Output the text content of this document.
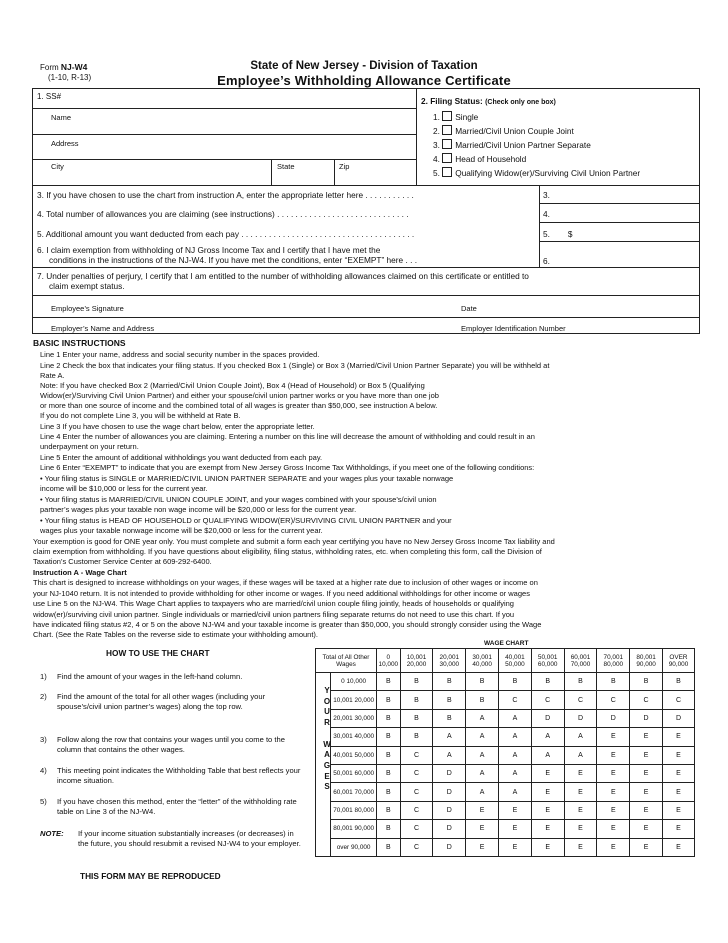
Form NJ-W4
(1-10, R-13)
State of New Jersey - Division of Taxation
Employee’s Withholding Allowance Certificate
1. SS#
Name
Address
City	State	Zip
2. Filing Status: (Check only one box)
1. Single
2. Married/Civil Union Couple Joint
3. Married/Civil Union Partner Separate
4. Head of Household
5. Qualifying Widow(er)/Surviving Civil Union Partner
3. If you have chosen to use the chart from instruction A, enter the appropriate letter here . . . . . . . . . . .	3.
4. Total number of allowances you are claiming (see instructions) . . . . . . . . . . . . . . . . . . . . . . . . . . . . .	4.
5. Additional amount you want deducted from each pay . . . . . . . . . . . . . . . . . . . . . . . . . . . . . . . . . . . . . .	5. $
6. I claim exemption from withholding of NJ Gross Income Tax and I certify that I have met the
conditions in the instructions of the NJ-W4. If you have met the conditions, enter “EXEMPT” here . . .	6.
7. Under penalties of perjury, I certify that I am entitled to the number of withholding allowances claimed on this certificate or entitled to
claim exempt status.
Employee’s Signature	Date
Employer’s Name and Address	Employer Identification Number
BASIC INSTRUCTIONS
Line 1 Enter your name, address and social security number in the spaces provided.
Line 2 Check the box that indicates your filing status. If you checked Box 1 (Single) or Box 3 (Married/Civil Union Partner Separate) you will be withheld at
Rate A.
Note: If you have checked Box 2 (Married/Civil Union Couple Joint), Box 4 (Head of Household) or Box 5 (Qualifying
Widow(er)/Surviving Civil Union Partner) and either your spouse/civil union partner works or you have more than one job
or more than one source of income and the combined total of all wages is greater than $50,000, see instruction A below.
If you do not complete Line 3, you will be withheld at Rate B.
Line 3 If you have chosen to use the wage chart below, enter the appropriate letter.
Line 4 Enter the number of allowances you are claiming. Entering a number on this line will decrease the amount of withholding and could result in an
underpayment on your return.
Line 5 Enter the amount of additional withholdings you want deducted from each pay.
Line 6 Enter “EXEMPT” to indicate that you are exempt from New Jersey Gross Income Tax Withholdings, if you meet one of the following conditions:
• Your filing status is SINGLE or MARRIED/CIVIL UNION PARTNER SEPARATE and your wages plus your taxable nonwage
income will be $10,000 or less for the current year.
• Your filing status is MARRIED/CIVIL UNION COUPLE JOINT, and your wages combined with your spouse’s/civil union
partner’s wages plus your taxable non wage income will be $20,000 or less for the current year.
• Your filing status is HEAD OF HOUSEHOLD or QUALIFYING WIDOW(ER)/SURVIVING CIVIL UNION PARTNER and your
wages plus your taxable nonwage income will be $20,000 or less for the current year.
Your exemption is good for ONE year only. You must complete and submit a form each year certifying you have no New Jersey Gross Income Tax liability and
claim exemption from withholding. If you have questions about eligibility, filing status, withholding rates, etc. when completing this form, call the Division of
Taxation’s Customer Service Center at 609-292-6400.
Instruction A - Wage Chart
This chart is designed to increase withholdings on your wages, if these wages will be taxed at a higher rate due to inclusion of other wages or income on
your NJ-1040 return. It is not intended to provide withholding for other income or wages. If you need additional withholdings for other income or wages
use Line 5 on the NJ-W4. This Wage Chart applies to taxpayers who are married/civil union couple filing jointly, heads of households or qualifying
widow(er)/surviving civil union partner. Single individuals or married/civil union partners filing separate returns do not need to use this chart. If you
have indicated filing status #2, 4 or 5 on the above NJ-W4 and your taxable income is greater than $50,000, you should strongly consider using the Wage
Chart. (See the Rate Tables on the reverse side to estimate your withholding amount).
HOW TO USE THE CHART
1) Find the amount of your wages in the left-hand column.
2) Find the amount of the total for all other wages (including your spouse’s/civil union partner’s wages) along the top row.
3) Follow along the row that contains your wages until you come to the column that contains the other wages.
4) This meeting point indicates the Withholding Table that best reflects your income situation.
5) If you have chosen this method, enter the “letter” of the withholding rate table on Line 3 of the NJ-W4.
NOTE: If your income situation substantially increases (or decreases) in the future, you should resubmit a revised NJ-W4 to your employer.
THIS FORM MAY BE REPRODUCED
WAGE CHART
Total of All Other Wages		0 10,000	10,001 20,000	20,001 30,000	30,001 40,000	40,001 50,000	50,001 60,000	60,001 70,000	70,001 80,000	80,001 90,000	OVER 90,000
	0 10,000	B	B	B	B	B	B	B	B	B	B
	10,001 20,000	B	B	B	B	C	C	C	C	C	C
	20,001 30,000	B	B	B	A	A	D	D	D	D	D
	30,001 40,000	B	B	A	A	A	A	A	E	E	E
	40,001 50,000	B	C	A	A	A	A	A	E	E	E
	50,001 60,000	B	C	D	A	A	E	E	E	E	E
	60,001 70,000	B	C	D	A	A	E	E	E	E	E
	70,001 80,000	B	C	D	E	E	E	E	E	E	E
	80,001 90,000	B	C	D	E	E	E	E	E	E	E
	over 90,000	B	C	D	E	E	E	E	E	E	E
Y
O
U
R
W
A
G
E
S
